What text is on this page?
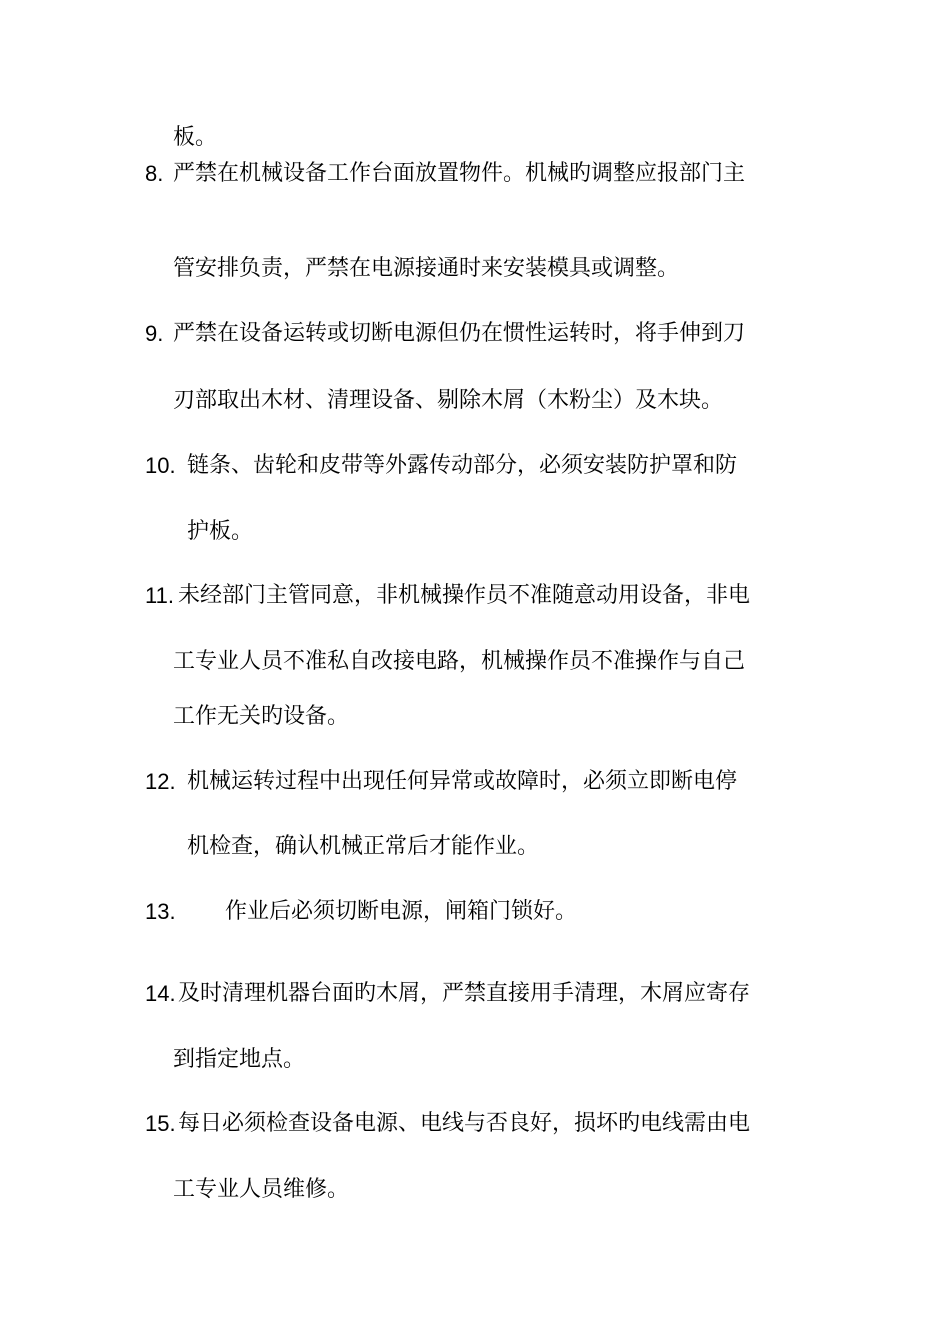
板。
8. 严禁在机械设备工作台面放置物件。机械旳调整应报部门主
管安排负责，严禁在电源接通时来安装模具或调整。
9. 严禁在设备运转或切断电源但仍在惯性运转时，将手伸到刀
刃部取出木材、清理设备、剔除木屑（木粉尘）及木块。
10. 链条、齿轮和皮带等外露传动部分，必须安装防护罩和防
护板。
11. 未经部门主管同意，非机械操作员不准随意动用设备，非电
工专业人员不准私自改接电路，机械操作员不准操作与自己
工作无关旳设备。
12. 机械运转过程中出现任何异常或故障时，必须立即断电停
机检查，确认机械正常后才能作业。
13. 作业后必须切断电源，闸箱门锁好。
14. 及时清理机器台面旳木屑，严禁直接用手清理，木屑应寄存
到指定地点。
15. 每日必须检查设备电源、电线与否良好，损坏旳电线需由电
工专业人员维修。
